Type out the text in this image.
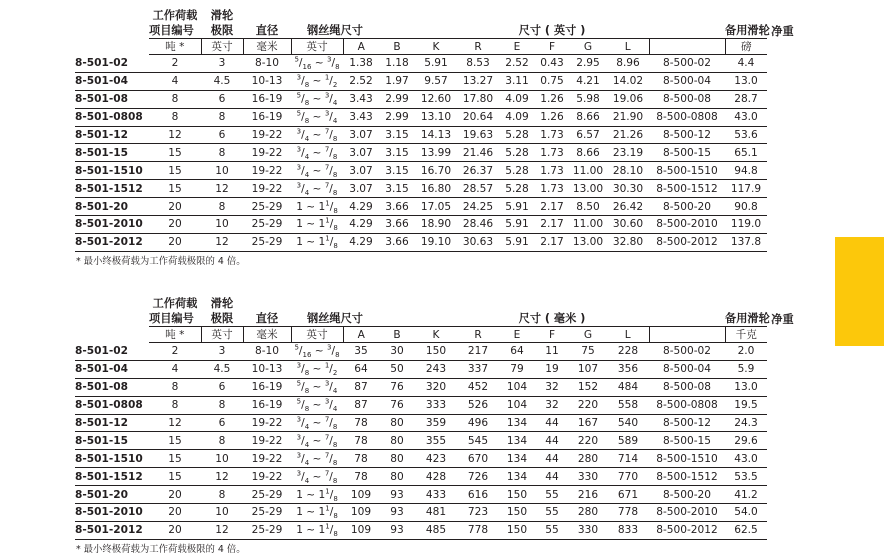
	工作荷载	滑轮													
	项目编号	极限	直径	钢丝绳尺寸		尺寸 ( 英寸 )								备用滑轮	净重
	吨 *	英寸	毫米	英寸	A	B	K	R	E	F	G	L		磅	
8-501-02	2	3	8-10	$^5/_{16}$ ~ $^3/_8$	1.38	1.18	5.91	8.53	2.52	0.43	2.95	8.96	8-500-02	4.4	
8-501-04	4	4.5	10-13	$^3/_8$ ~ $^1/_2$	2.52	1.97	9.57	13.27	3.11	0.75	4.21	14.02	8-500-04	13.0	
8-501-08	8	6	16-19	$^5/_8$ ~ $^3/_4$	3.43	2.99	12.60	17.80	4.09	1.26	5.98	19.06	8-500-08	28.7	
8-501-0808	8	8	16-19	$^5/_8$ ~ $^3/_4$	3.43	2.99	13.10	20.64	4.09	1.26	8.66	21.90	8-500-0808	43.0	
8-501-12	12	6	19-22	$^3/_4$ ~ $^7/_8$	3.07	3.15	14.13	19.63	5.28	1.73	6.57	21.26	8-500-12	53.6	
8-501-15	15	8	19-22	$^3/_4$ ~ $^7/_8$	3.07	3.15	13.99	21.46	5.28	1.73	8.66	23.19	8-500-15	65.1	
8-501-1510	15	10	19-22	$^3/_4$ ~ $^7/_8$	3.07	3.15	16.70	26.37	5.28	1.73	11.00	28.10	8-500-1510	94.8	
8-501-1512	15	12	19-22	$^3/_4$ ~ $^7/_8$	3.07	3.15	16.80	28.57	5.28	1.73	13.00	30.30	8-500-1512	117.9	
8-501-20	20	8	25-29	1 ~ $1^1/_8$	4.29	3.66	17.05	24.25	5.91	2.17	8.50	26.42	8-500-20	90.8	
8-501-2010	20	10	25-29	1 ~ $1^1/_8$	4.29	3.66	18.90	28.46	5.91	2.17	11.00	30.60	8-500-2010	119.0	
8-501-2012	20	12	25-29	1 ~ $1^1/_8$	4.29	3.66	19.10	30.63	5.91	2.17	13.00	32.80	8-500-2012	137.8	
* 最小终极荷载为工作荷载极限的 4 倍。
	工作荷载	滑轮													
	项目编号	极限	直径	钢丝绳尺寸		尺寸 ( 毫米 )								备用滑轮	净重
	吨 *	英寸	毫米	英寸	A	B	K	R	E	F	G	L		千克	
8-501-02	2	3	8-10	$^5/_{16}$ ~ $^3/_8$	35	30	150	217	64	11	75	228	8-500-02	2.0	
8-501-04	4	4.5	10-13	$^3/_8$ ~ $^1/_2$	64	50	243	337	79	19	107	356	8-500-04	5.9	
8-501-08	8	6	16-19	$^5/_8$ ~ $^3/_4$	87	76	320	452	104	32	152	484	8-500-08	13.0	
8-501-0808	8	8	16-19	$^5/_8$ ~ $^3/_4$	87	76	333	526	104	32	220	558	8-500-0808	19.5	
8-501-12	12	6	19-22	$^3/_4$ ~ $^7/_8$	78	80	359	496	134	44	167	540	8-500-12	24.3	
8-501-15	15	8	19-22	$^3/_4$ ~ $^7/_8$	78	80	355	545	134	44	220	589	8-500-15	29.6	
8-501-1510	15	10	19-22	$^3/_4$ ~ $^7/_8$	78	80	423	670	134	44	280	714	8-500-1510	43.0	
8-501-1512	15	12	19-22	$^3/_4$ ~ $^7/_8$	78	80	428	726	134	44	330	770	8-500-1512	53.5	
8-501-20	20	8	25-29	1 ~ $1^1/_8$	109	93	433	616	150	55	216	671	8-500-20	41.2	
8-501-2010	20	10	25-29	1 ~ $1^1/_8$	109	93	481	723	150	55	280	778	8-500-2010	54.0	
8-501-2012	20	12	25-29	1 ~ $1^1/_8$	109	93	485	778	150	55	330	833	8-500-2012	62.5	
* 最小终极荷载为工作荷载极限的 4 倍。
